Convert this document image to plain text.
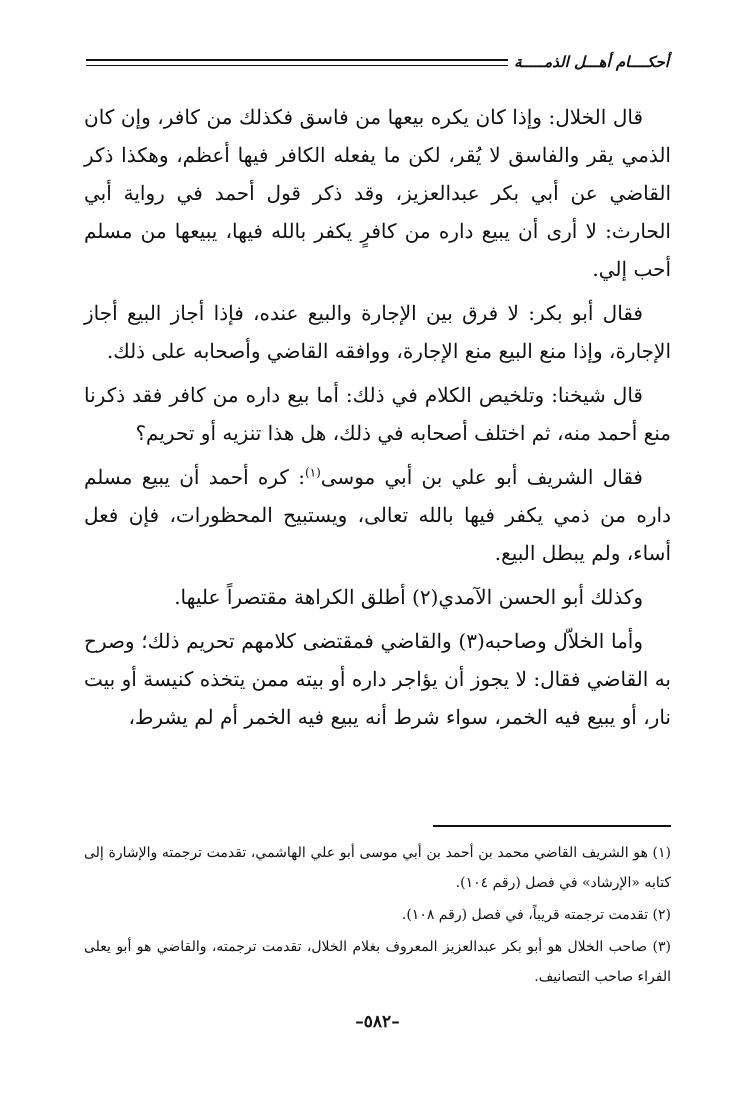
أحكــــام أهـــل الذمـــــة

قال الخلال: وإذا كان يكره بيعها من فاسق فكذلك من كافر، وإن كان الذمي يقر والفاسق لا يُقر، لكن ما يفعله الكافر فيها أعظم، وهكذا ذكر القاضي عن أبي بكر عبدالعزيز، وقد ذكر قول أحمد في رواية أبي الحارث: لا أرى أن يبيع داره من كافرٍ يكفر بالله فيها، يبيعها من مسلم أحب إلي.

فقال أبو بكر: لا فرق بين الإجارة والبيع عنده، فإذا أجاز البيع أجاز الإجارة، وإذا منع البيع منع الإجارة، ووافقه القاضي وأصحابه على ذلك.

قال شيخنا: وتلخيص الكلام في ذلك: أما بيع داره من كافر فقد ذكرنا منع أحمد منه، ثم اختلف أصحابه في ذلك، هل هذا تنزيه أو تحريم؟

فقال الشريف أبو علي بن أبي موسى$^{(١)}$: كره أحمد أن يبيع مسلم داره من ذمي يكفر فيها بالله تعالى، ويستبيح المحظورات، فإن فعل أساء، ولم يبطل البيع.

وكذلك أبو الحسن الآمدي(٢) أطلق الكراهة مقتصراً عليها.

وأما الخلاّل وصاحبه(٣) والقاضي فمقتضى كلامهم تحريم ذلك؛ وصرح به القاضي فقال: لا يجوز أن يؤاجر داره أو بيته ممن يتخذه كنيسة أو بيت نار، أو يبيع فيه الخمر، سواء شرط أنه يبيع فيه الخمر أم لم يشرط،

(١) هو الشريف القاضي محمد بن أحمد بن أبي موسى أبو علي الهاشمي، تقدمت ترجمته والإشارة إلى كتابه «الإرشاد» في فصل (رقم ١٠٤).

(٢) تقدمت ترجمته قريباً، في فصل (رقم ١٠٨).

(٣) صاحب الخلال هو أبو بكر عبدالعزيز المعروف بغلام الخلال، تقدمت ترجمته، والقاضي هو أبو يعلى الفراء صاحب التصانيف.

–٥٨٢–
